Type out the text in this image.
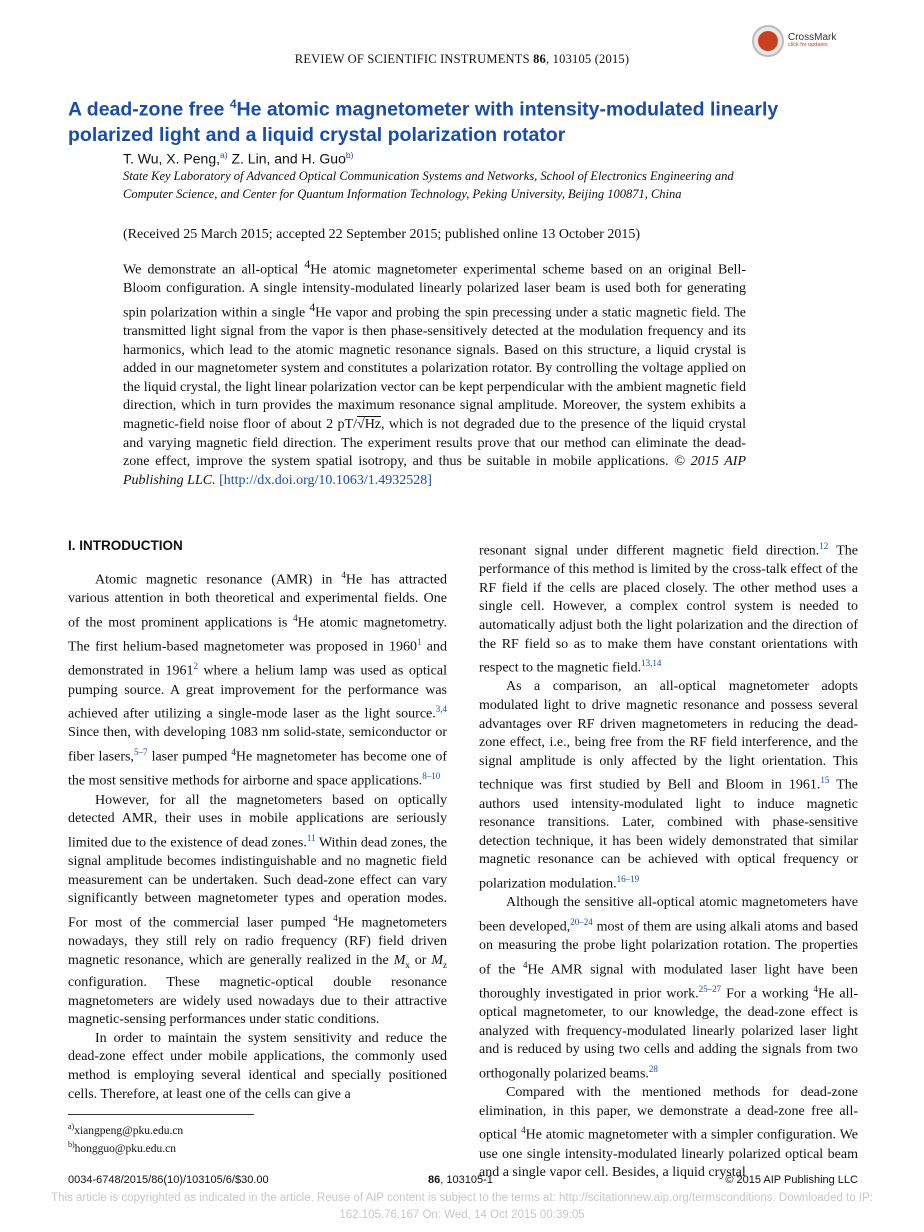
REVIEW OF SCIENTIFIC INSTRUMENTS 86, 103105 (2015)
CrossMark
click for updates
A dead-zone free $^4$He atomic magnetometer with intensity-modulated linearly polarized light and a liquid crystal polarization rotator
T. Wu, X. Peng,$^{a)}$ Z. Lin, and H. Guo$^{b)}$
State Key Laboratory of Advanced Optical Communication Systems and Networks, School of Electronics Engineering and Computer Science, and Center for Quantum Information Technology, Peking University, Beijing 100871, China
(Received 25 March 2015; accepted 22 September 2015; published online 13 October 2015)
We demonstrate an all-optical $^4$He atomic magnetometer experimental scheme based on an original Bell-Bloom configuration. A single intensity-modulated linearly polarized laser beam is used both for generating spin polarization within a single $^4$He vapor and probing the spin precessing under a static magnetic field. The transmitted light signal from the vapor is then phase-sensitively detected at the modulation frequency and its harmonics, which lead to the atomic magnetic resonance signals. Based on this structure, a liquid crystal is added in our magnetometer system and constitutes a polarization rotator. By controlling the voltage applied on the liquid crystal, the light linear polarization vector can be kept perpendicular with the ambient magnetic field direction, which in turn provides the maximum resonance signal amplitude. Moreover, the system exhibits a magnetic-field noise floor of about 2 pT/√Hz, which is not degraded due to the presence of the liquid crystal and varying magnetic field direction. The experiment results prove that our method can eliminate the dead-zone effect, improve the system spatial isotropy, and thus be suitable in mobile applications. © 2015 AIP Publishing LLC. [http://dx.doi.org/10.1063/1.4932528]
I. INTRODUCTION

Atomic magnetic resonance (AMR) in $^4$He has attracted various attention in both theoretical and experimental fields. One of the most prominent applications is $^4$He atomic magnetometry. The first helium-based magnetometer was proposed in 1960$^1$ and demonstrated in 1961$^2$ where a helium lamp was used as optical pumping source. A great improvement for the performance was achieved after utilizing a single-mode laser as the light source.$^{3,4}$ Since then, with developing 1083 nm solid-state, semiconductor or fiber lasers,$^{5-7}$ laser pumped $^4$He magnetometer has become one of the most sensitive methods for airborne and space applications.$^{8-10}$

However, for all the magnetometers based on optically detected AMR, their uses in mobile applications are seriously limited due to the existence of dead zones.$^{11}$ Within dead zones, the signal amplitude becomes indistinguishable and no magnetic field measurement can be undertaken. Such dead-zone effect can vary significantly between magnetometer types and operation modes. For most of the commercial laser pumped $^4$He magnetometers nowadays, they still rely on radio frequency (RF) field driven magnetic resonance, which are generally realized in the $M_x$ or $M_z$ configuration. These magnetic-optical double resonance magnetometers are widely used nowadays due to their attractive magnetic-sensing performances under static conditions.

In order to maintain the system sensitivity and reduce the dead-zone effect under mobile applications, the commonly used method is employing several identical and specially positioned cells. Therefore, at least one of the cells can give a

resonant signal under different magnetic field direction.$^{12}$ The performance of this method is limited by the cross-talk effect of the RF field if the cells are placed closely. The other method uses a single cell. However, a complex control system is needed to automatically adjust both the light polarization and the direction of the RF field so as to make them have constant orientations with respect to the magnetic field.$^{13,14}$

As a comparison, an all-optical magnetometer adopts modulated light to drive magnetic resonance and possess several advantages over RF driven magnetometers in reducing the dead-zone effect, i.e., being free from the RF field interference, and the signal amplitude is only affected by the light orientation. This technique was first studied by Bell and Bloom in 1961.15 The authors used intensity-modulated light to induce magnetic resonance transitions. Later, combined with phase-sensitive detection technique, it has been widely demonstrated that similar magnetic resonance can be achieved with optical frequency or polarization modulation.$^{16-19}$

Although the sensitive all-optical atomic magnetometers have been developed,$^{20-24}$ most of them are using alkali atoms and based on measuring the probe light polarization rotation. The properties of the $^4$He AMR signal with modulated laser light have been thoroughly investigated in prior work.$^{25-27}$ For a working $^4$He all-optical magnetometer, to our knowledge, the dead-zone effect is analyzed with frequency-modulated linearly polarized laser light and is reduced by using two cells and adding the signals from two orthogonally polarized beams.$^{28}$

Compared with the mentioned methods for dead-zone elimination, in this paper, we demonstrate a dead-zone free all-optical $^4$He atomic magnetometer with a simpler configuration. We use one single intensity-modulated linearly polarized optical beam and a single vapor cell. Besides, a liquid crystal

$^{a)}$xiangpeng@pku.edu.cn
$^{b)}$hongguo@pku.edu.cn
0034-6748/2015/86(10)/103105/6/$30.00	86, 103105-1	© 2015 AIP Publishing LLC
This article is copyrighted as indicated in the article. Reuse of AIP content is subject to the terms at: http://scitationnew.aip.org/termsconditions. Downloaded to IP:
162.105.76.167 On: Wed, 14 Oct 2015 00:39:05
